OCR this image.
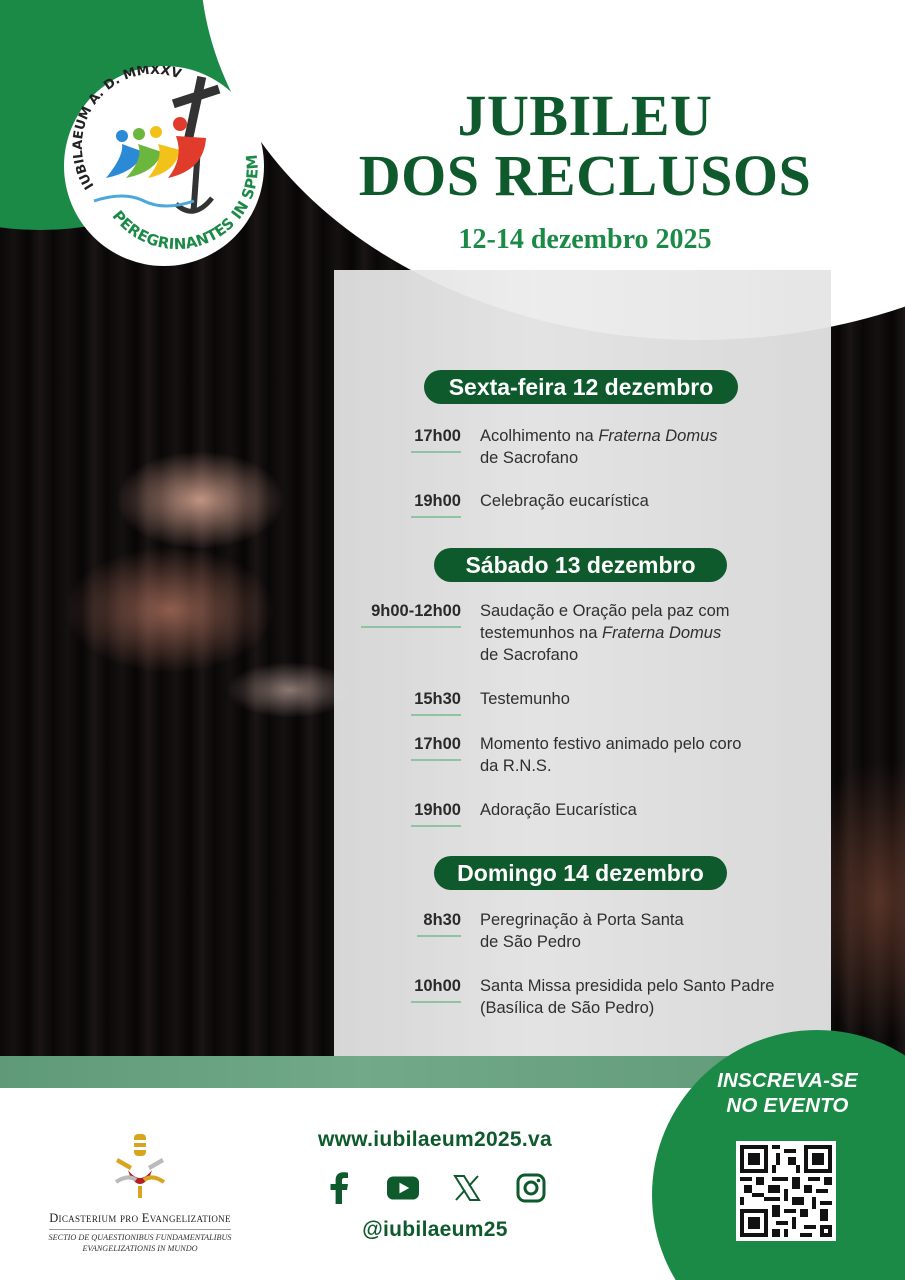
IUBILAEUM A. D. MMXXV
PEREGRINANTES IN SPEM
JUBILEU
DOS RECLUSOS
12-14 dezembro 2025
Sexta-feira 12 dezembro
17h00 Acolhimento na Fraterna Domus
de Sacrofano
19h00 Celebração eucarística
Sábado 13 dezembro
9h00-12h00 Saudação e Oração pela paz com
testemunhos na Fraterna Domus
de Sacrofano
15h30 Testemunho
17h00 Momento festivo animado pelo coro
da R.N.S.
19h00 Adoração Eucarística
Domingo 14 dezembro
8h30 Peregrinação à Porta Santa
de São Pedro
10h00 Santa Missa presidida pelo Santo Padre
(Basílica de São Pedro)
Dicasterium pro Evangelizatione
SECTIO DE QUAESTIONIBUS FUNDAMENTALIBUS
EVANGELIZATIONIS IN MUNDO
www.iubilaeum2025.va
@iubilaeum25
INSCREVA-SE
NO EVENTO
